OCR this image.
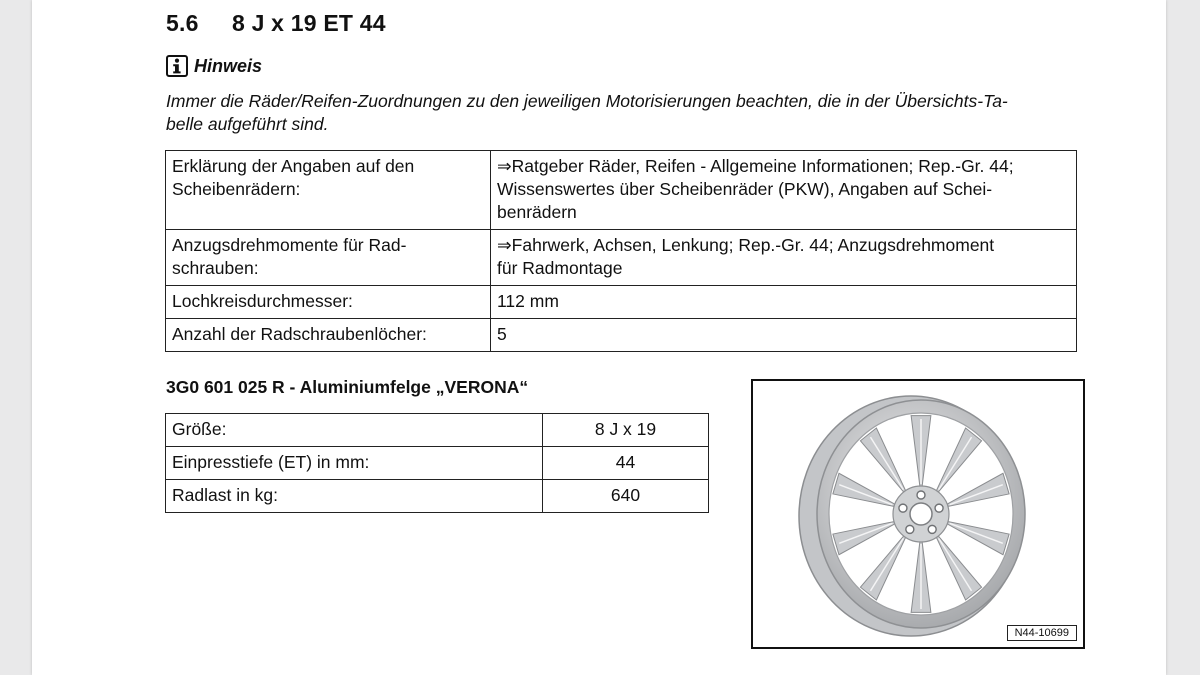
5.6 8 J x 19 ET 44
Hinweis
Immer die Räder/Reifen-Zuordnungen zu den jeweiligen Motorisierungen beachten, die in der Übersichts-Ta-
belle aufgeführt sind.
Erklärung der Angaben auf den
Scheibenrädern:	⇒Ratgeber Räder, Reifen - Allgemeine Informationen; Rep.-Gr. 44;
Wissenswertes über Scheibenräder (PKW), Angaben auf Schei-
benrädern

Anzugsdrehmomente für Rad-
schrauben:	⇒Fahrwerk, Achsen, Lenkung; Rep.-Gr. 44; Anzugsdrehmoment
für Radmontage

Lochkreisdurchmesser:	112 mm

Anzahl der Radschraubenlöcher:	5
3G0 601 025 R - Aluminiumfelge „VERONA“
Größe:	8 J x 19
Einpresstiefe (ET) in mm:	44
Radlast in kg:	640
N44-10699
